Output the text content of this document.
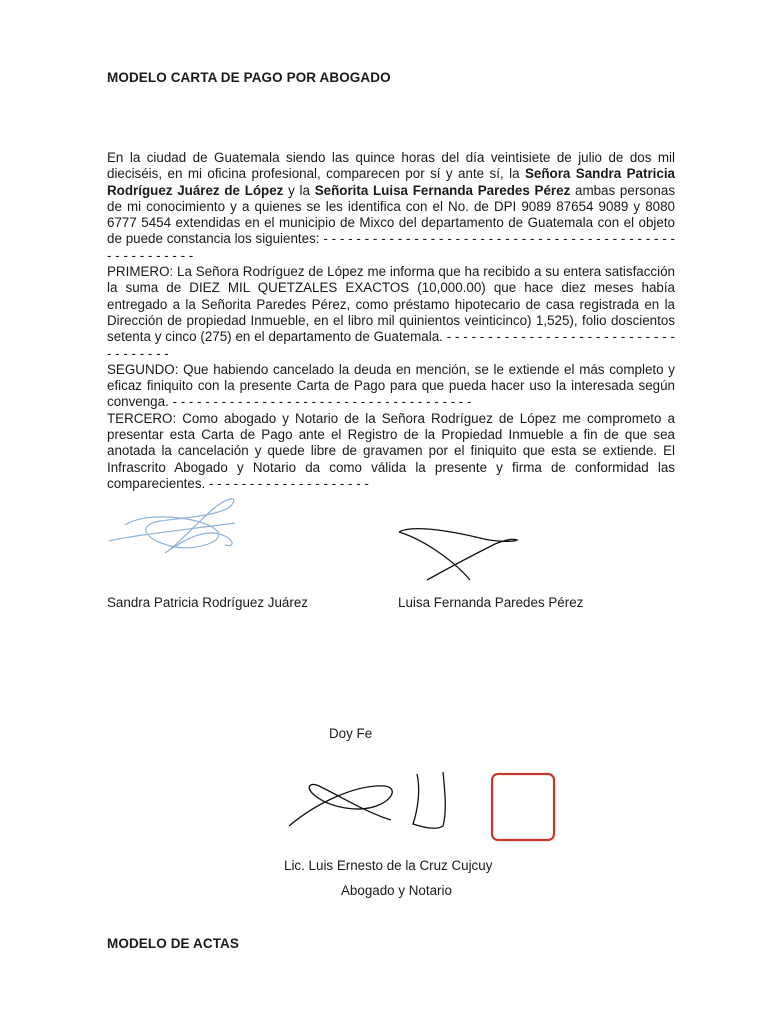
MODELO CARTA DE PAGO POR ABOGADO

En la ciudad de Guatemala siendo las quince horas del día veintisiete de julio de dos mil dieciséis, en mi oficina profesional, comparecen por sí y ante sí, la Señora Sandra Patricia Rodríguez Juárez de López y la Señorita Luisa Fernanda Paredes Pérez ambas personas de mi conocimiento y a quienes se les identifica con el No. de DPI 9089 87654 9089 y 8080 6777 5454 extendidas en el municipio de Mixco del departamento de Guatemala con el objeto de puede constancia los siguientes: - - - - - - - - - - - - - - - - - - - - - - - - - - - - - - - - - - - - - - - - - - - - - - - - - - - - - -

PRIMERO: La Señora Rodríguez de López me informa que ha recibido a su entera satisfacción la suma de DIEZ MIL QUETZALES EXACTOS (10,000.00) que hace diez meses había entregado a la Señorita Paredes Pérez, como préstamo hipotecario de casa registrada en la Dirección de propiedad Inmueble, en el libro mil quinientos veinticinco) 1,525), folio doscientos setenta y cinco (275) en el departamento de Guatemala. - - - - - - - - - - - - - - - - - - - - - - - - - - - - - - - - - - - -

SEGUNDO: Que habiendo cancelado la deuda en mención, se le extiende el más completo y eficaz finiquito con la presente Carta de Pago para que pueda hacer uso la interesada según convenga. - - - - - - - - - - - - - - - - - - - - - - - - - - - - - - - - - - - - -

TERCERO: Como abogado y Notario de la Señora Rodríguez de López me comprometo a presentar esta Carta de Pago ante el Registro de la Propiedad Inmueble a fin de que sea anotada la cancelación y quede libre de gravamen por el finiquito que esta se extiende. El Infrascrito Abogado y Notario da como válida la presente y firma de conformidad las comparecientes. - - - - - - - - - - - - - - - - - - - -

Sandra Patricia Rodríguez Juárez	Luisa Fernanda Paredes Pérez
Doy Fe
Lic. Luis Ernesto de la Cruz Cujcuy
Abogado y Notario
MODELO DE ACTAS
